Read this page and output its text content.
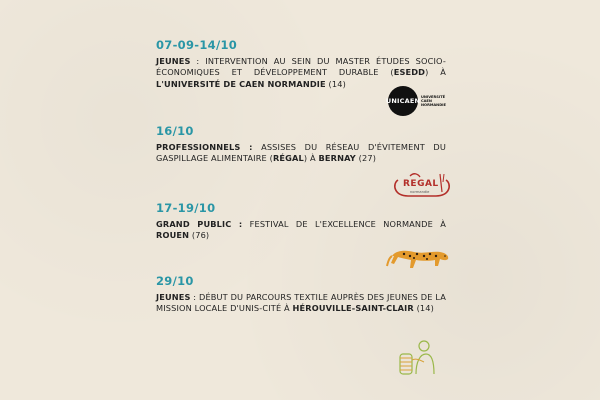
07-09-14/10

JEUNES : INTERVENTION AU SEIN DU MASTER ÉTUDES SOCIO-ÉCONOMIQUES ET DÉVELOPPEMENT DURABLE (ESEDD) À L'UNIVERSITÉ DE CAEN NORMANDIE (14)

16/10

PROFESSIONNELS : ASSISES DU RÉSEAU D'ÉVITEMENT DU GASPILLAGE ALIMENTAIRE (RÉGAL) À BERNAY (27)

17-19/10

GRAND PUBLIC : FESTIVAL DE L'EXCELLENCE NORMANDE À ROUEN (76)

29/10

JEUNES : DÉBUT DU PARCOURS TEXTILE AUPRÈS DES JEUNES DE LA MISSION LOCALE D'UNIS-CITÉ À HÉROUVILLE-SAINT-CLAIR (14)

UNICAEN
UNIVERSITÉ
CAEN
NORMANDIE
REGAL
normandie
